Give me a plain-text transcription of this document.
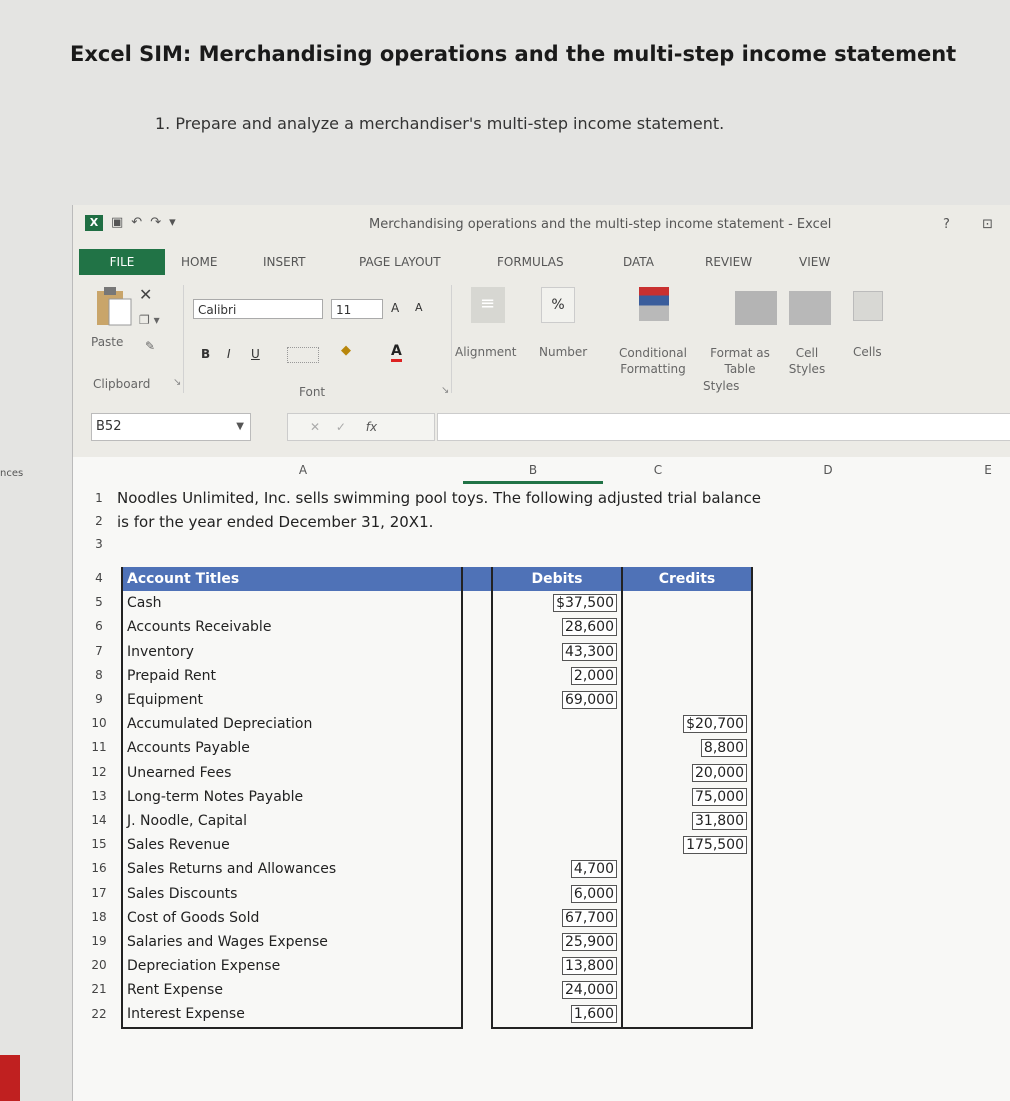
Excel SIM: Merchandising operations and the multi-step income statement
1. Prepare and analyze a merchandiser's multi-step income statement.
nces
X ▣ ↶ ↷ ▾	Merchandising operations and the multi-step income statement - Excel	? ⊡
FILE	HOME	INSERT	PAGE LAYOUT	FORMULAS	DATA	REVIEW	VIEW
Paste
✕
❐ ▾
✎
Clipboard ↘
Calibri	11	A A
B I U	◆	A
Font	↘
≡
Alignment
%
Number	Conditional Formatting
Format as Table
Cell Styles
Styles
Cells
B52	▼	✕ ✓ fx
A	B	C	D	E
1
2
3
Noodles Unlimited, Inc. sells swimming pool toys. The following adjusted trial balance
is for the year ended December 31, 20X1.
4
5
6
7
8
9
10
11
12
13
14
15
16
17
18
19
20
21
22
Account Titles		Debits	Credits
Cash		$37,500	
Accounts Receivable		28,600	
Inventory		43,300	
Prepaid Rent		2,000	
Equipment		69,000	
Accumulated Depreciation			$20,700
Accounts Payable			8,800
Unearned Fees			20,000
Long-term Notes Payable			75,000
J. Noodle, Capital			31,800
Sales Revenue			175,500
Sales Returns and Allowances		4,700	
Sales Discounts		6,000	
Cost of Goods Sold		67,700	
Salaries and Wages Expense		25,900	
Depreciation Expense		13,800	
Rent Expense		24,000	
Interest Expense		1,600	
